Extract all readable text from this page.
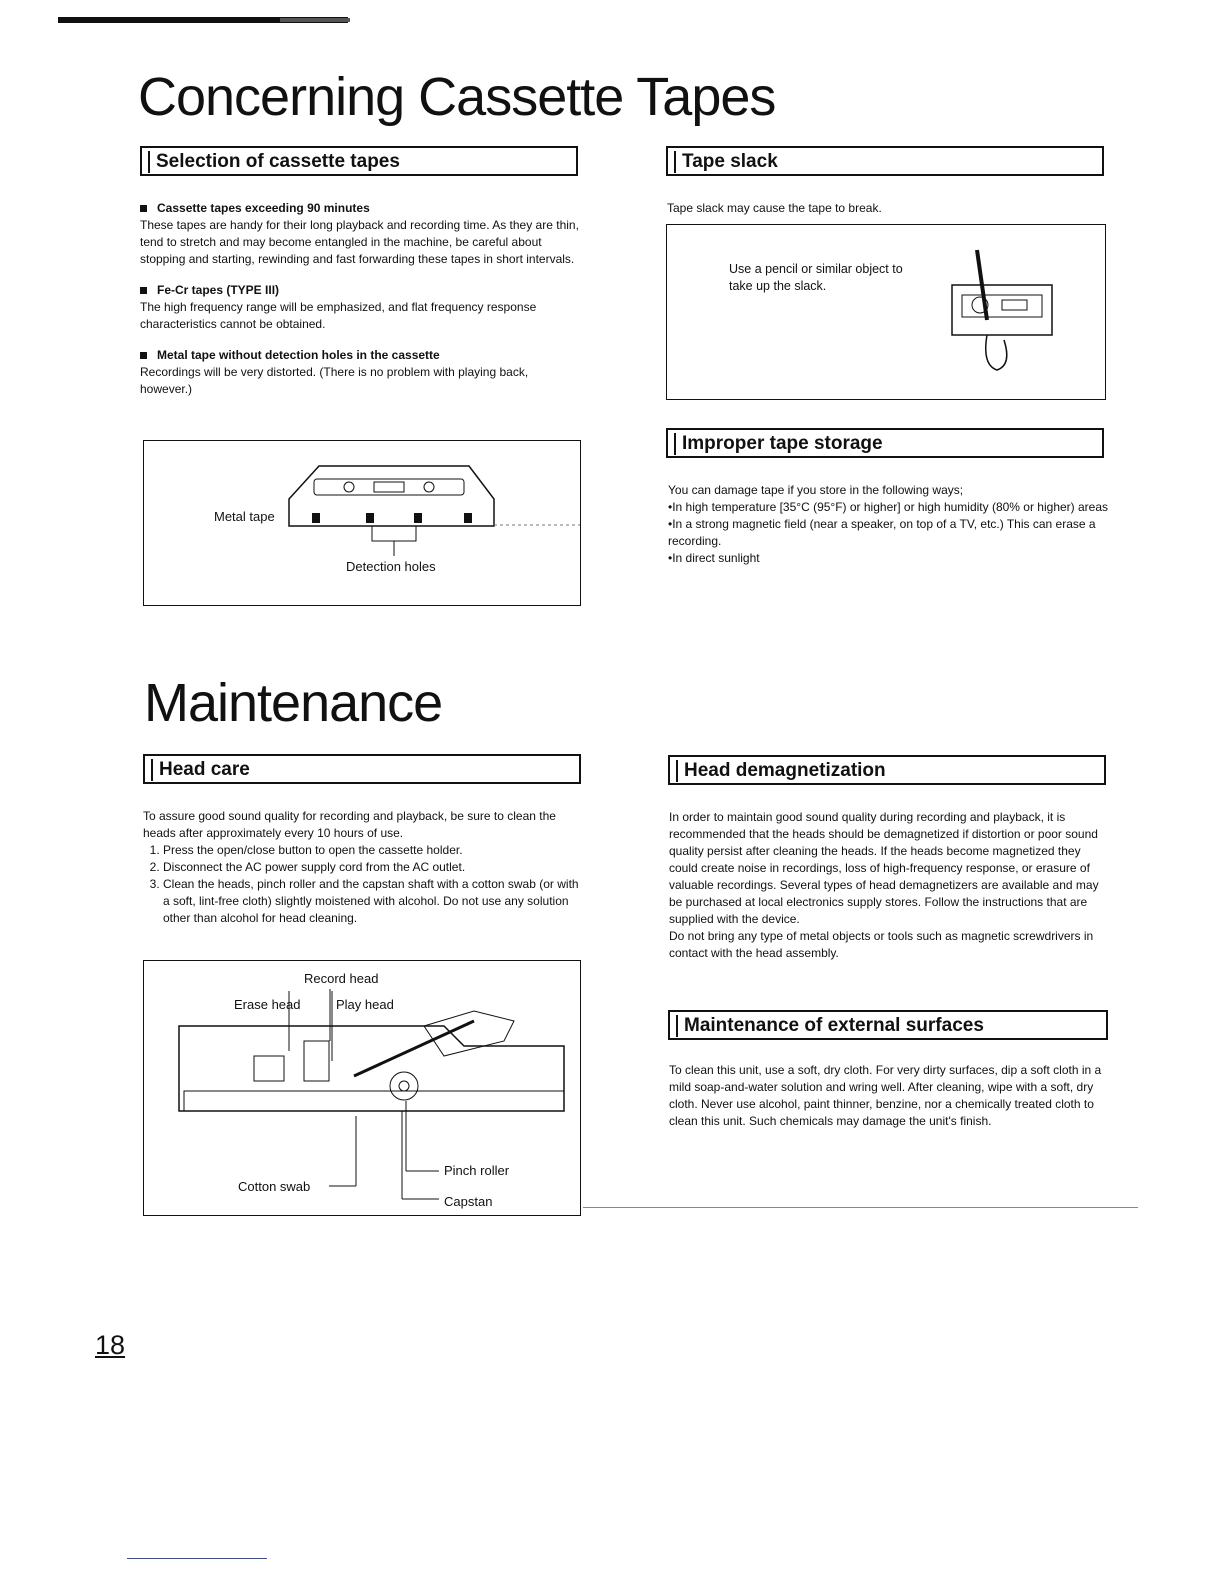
Concerning Cassette Tapes
Selection of cassette tapes
Cassette tapes exceeding 90 minutes
These tapes are handy for their long playback and recording time. As they are thin, tend to stretch and may become entangled in the machine, be careful about stopping and starting, rewinding and fast forwarding these tapes in short intervals.
Fe-Cr tapes (TYPE III)
The high frequency range will be emphasized, and flat frequency response characteristics cannot be obtained.
Metal tape without detection holes in the cassette
Recordings will be very distorted. (There is no problem with playing back, however.)
Metal tape
Detection holes
Tape slack
Tape slack may cause the tape to break.
Use a pencil or similar object to take up the slack.
Improper tape storage
You can damage tape if you store in the following ways;
•In high temperature [35°C (95°F) or higher] or high humidity (80% or higher) areas
•In a strong magnetic field (near a speaker, on top of a TV, etc.) This can erase a recording.
•In direct sunlight
Maintenance
Head care
To assure good sound quality for recording and playback, be sure to clean the heads after approximately every 10 hours of use.
1. Press the open/close button to open the cassette holder.
2. Disconnect the AC power supply cord from the AC outlet.
3. Clean the heads, pinch roller and the capstan shaft with a cotton swab (or with a soft, lint-free cloth) slightly moistened with alcohol. Do not use any solution other than alcohol for head cleaning.
Record head
Erase head	Play head
Pinch roller
Cotton swab
Capstan
Head demagnetization
In order to maintain good sound quality during recording and playback, it is recommended that the heads should be demagnetized if distortion or poor sound quality persist after cleaning the heads. If the heads become magnetized they could create noise in recordings, loss of high-frequency response, or erasure of valuable recordings. Several types of head demagnetizers are available and may be purchased at local electronics supply stores. Follow the instructions that are supplied with the device.
Do not bring any type of metal objects or tools such as magnetic screwdrivers in contact with the head assembly.
Maintenance of external surfaces
To clean this unit, use a soft, dry cloth. For very dirty surfaces, dip a soft cloth in a mild soap-and-water solution and wring well. After cleaning, wipe with a soft, dry cloth. Never use alcohol, paint thinner, benzine, nor a chemically treated cloth to clean this unit. Such chemicals may damage the unit's finish.
18
